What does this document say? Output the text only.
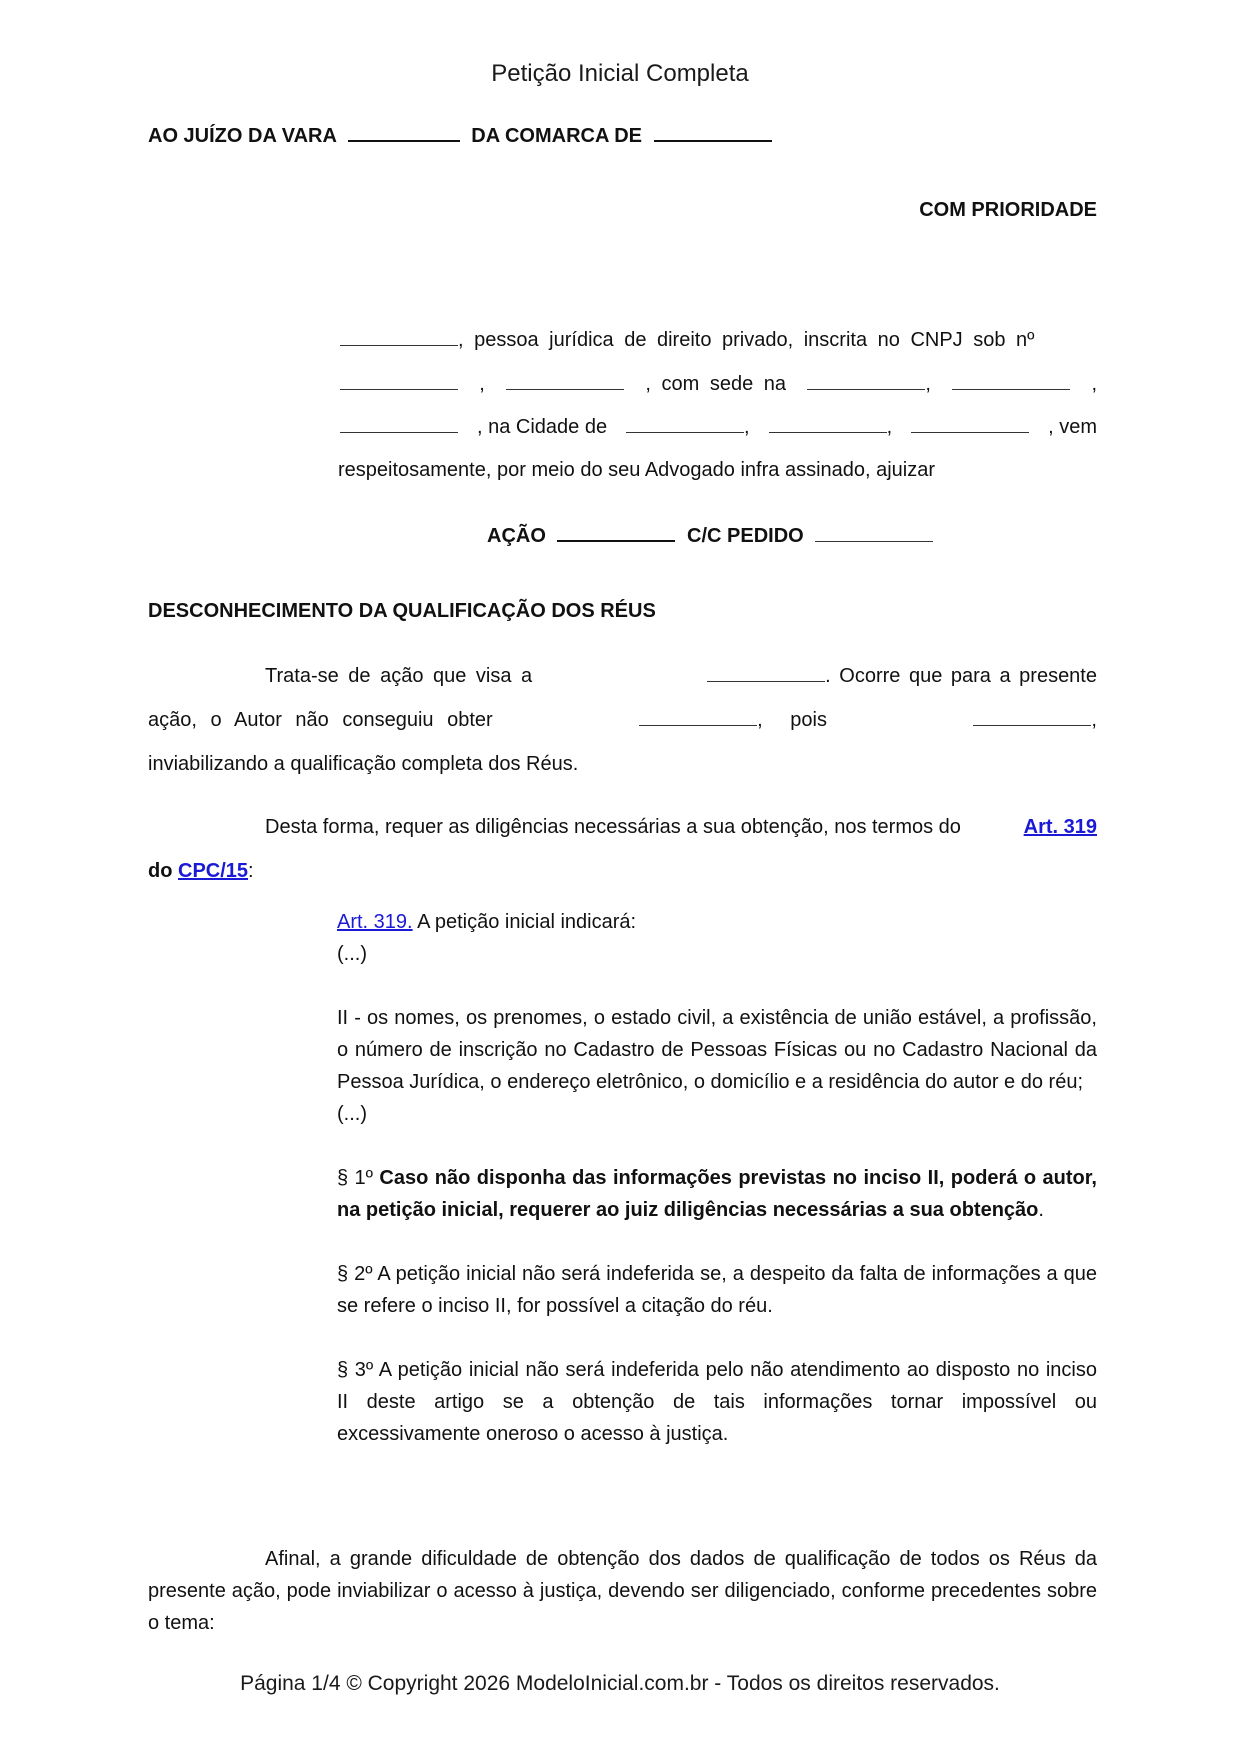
Petição Inicial Completa
AO JUÍZO DA VARA	DA COMARCA DE
COM PRIORIDADE
, pessoa jurídica de direito privado, inscrita no CNPJ sob nº
,	, com sede na	,	,
, na Cidade de	,	,	, vem
respeitosamente, por meio do seu Advogado infra assinado, ajuizar
AÇÃO	C/C PEDIDO
DESCONHECIMENTO DA QUALIFICAÇÃO DOS RÉUS
Trata-se de ação que visa a	. Ocorre que para a presente
ação, o Autor não conseguiu obter	, pois	,
inviabilizando a qualificação completa dos Réus.
Desta forma, requer as diligências necessárias a sua obtenção, nos termos do	Art. 319
do CPC/15:
Art. 319. A petição inicial indicará:
(...)
II - os nomes, os prenomes, o estado civil, a existência de união estável, a profissão, o número de inscrição no Cadastro de Pessoas Físicas ou no Cadastro Nacional da Pessoa Jurídica, o endereço eletrônico, o domicílio e a residência do autor e do réu;
(...)
§ 1º Caso não disponha das informações previstas no inciso II, poderá o autor, na petição inicial, requerer ao juiz diligências necessárias a sua obtenção.
§ 2º A petição inicial não será indeferida se, a despeito da falta de informações a que se refere o inciso II, for possível a citação do réu.
§ 3º A petição inicial não será indeferida pelo não atendimento ao disposto no inciso II deste artigo se a obtenção de tais informações tornar impossível ou excessivamente oneroso o acesso à justiça.
Afinal, a grande dificuldade de obtenção dos dados de qualificação de todos os Réus da presente ação, pode inviabilizar o acesso à justiça, devendo ser diligenciado, conforme precedentes sobre o tema:
Página 1/4 © Copyright 2026 ModeloInicial.com.br - Todos os direitos reservados.
